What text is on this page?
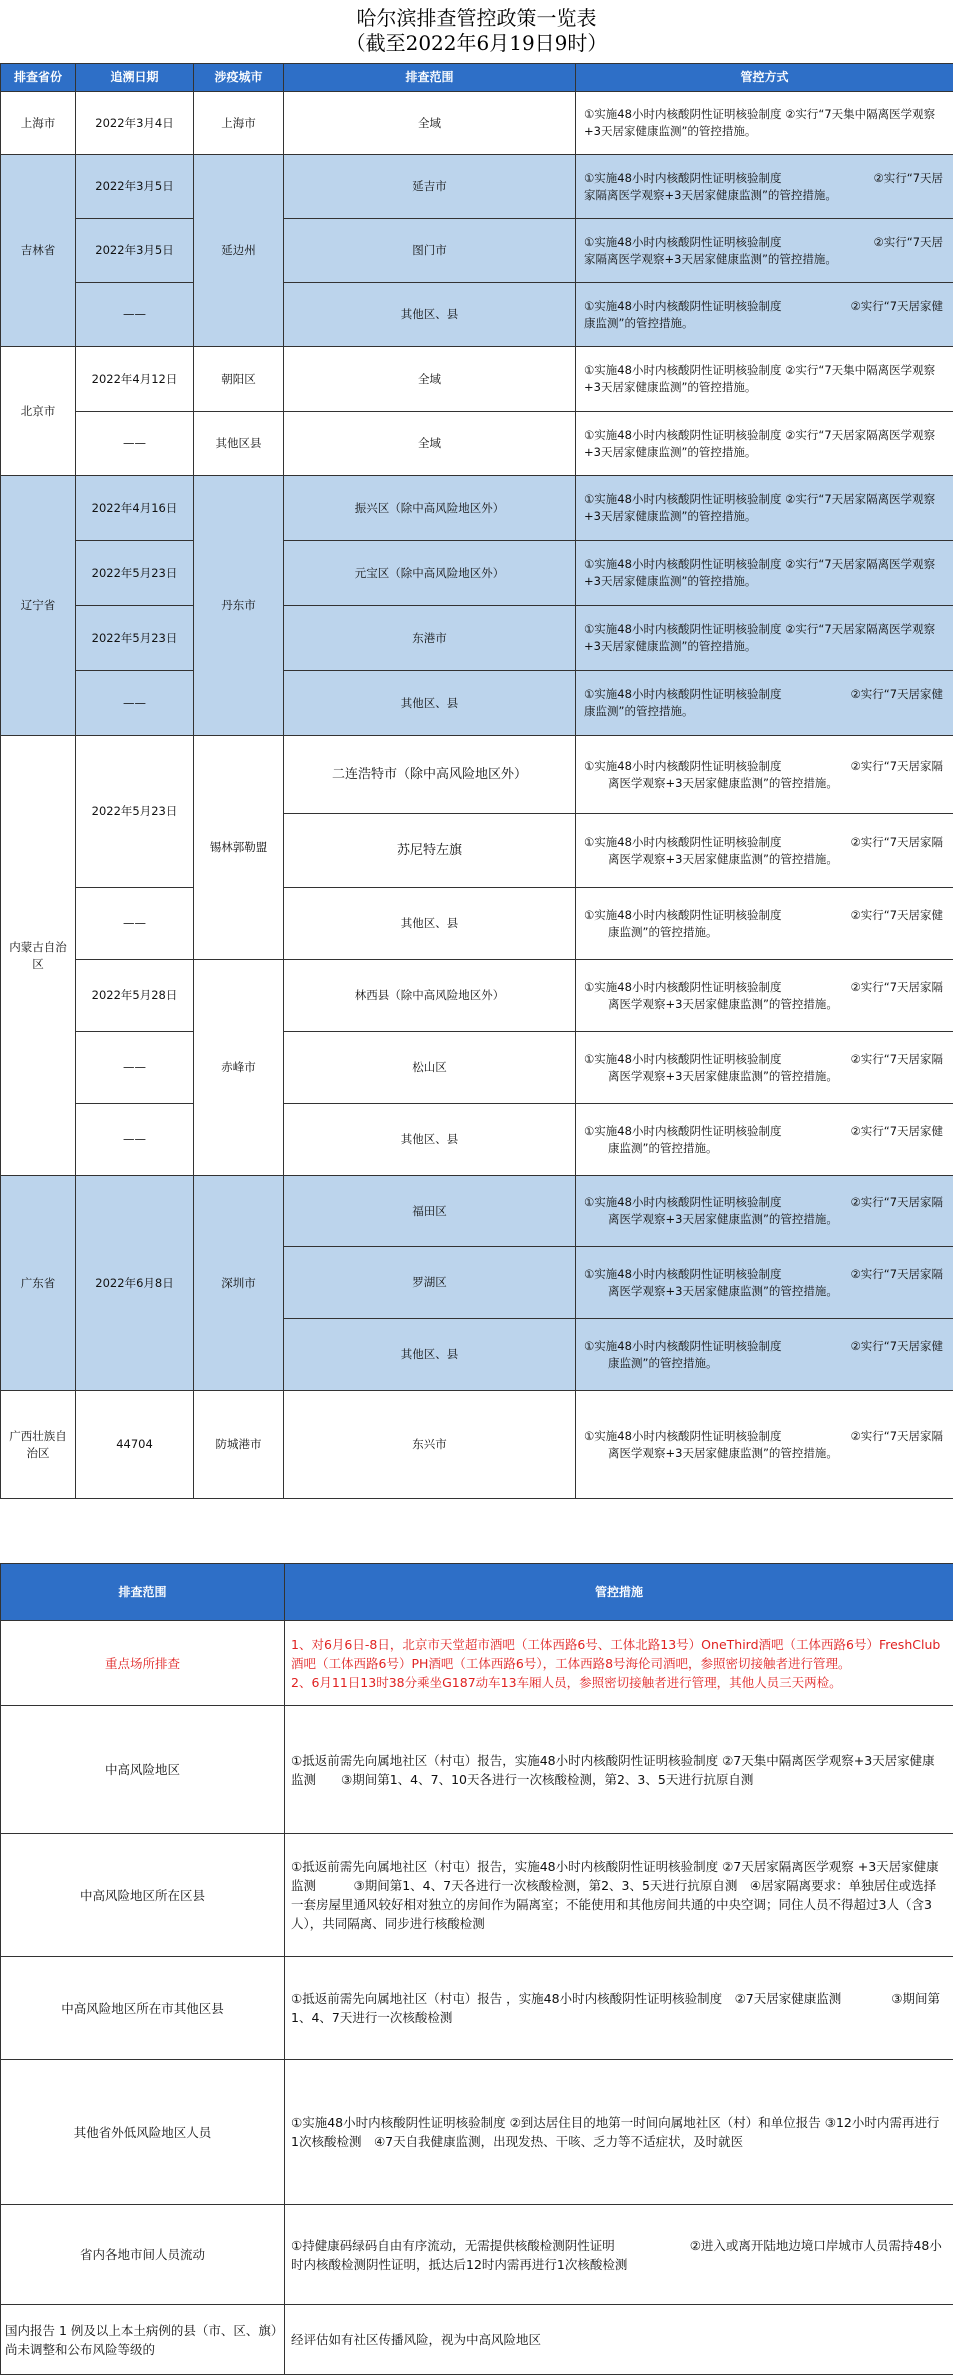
哈尔滨排查管控政策一览表
（截至2022年6月19日9时）
排查省份	追溯日期	涉疫城市	排查范围	管控方式
上海市	2022年3月4日	上海市	全域	①实施48小时内核酸阴性证明核验制度 ②实行“7天集中隔离医学观察+3天居家健康监测”的管控措施。
吉林省	2022年3月5日	延边州	延吉市	①实施48小时内核酸阴性证明核验制度　　　　　　　　②实行“7天居家隔离医学观察+3天居家健康监测”的管控措施。
	2022年3月5日		图门市	①实施48小时内核酸阴性证明核验制度　　　　　　　　②实行“7天居家隔离医学观察+3天居家健康监测”的管控措施。
	——		其他区、县	①实施48小时内核酸阴性证明核验制度　　　　　　②实行“7天居家健康监测”的管控措施。
北京市	2022年4月12日	朝阳区	全域	①实施48小时内核酸阴性证明核验制度 ②实行“7天集中隔离医学观察+3天居家健康监测”的管控措施。
	——	其他区县	全域	①实施48小时内核酸阴性证明核验制度 ②实行“7天居家隔离医学观察+3天居家健康监测”的管控措施。
辽宁省	2022年4月16日	丹东市	振兴区（除中高风险地区外）	①实施48小时内核酸阴性证明核验制度 ②实行“7天居家隔离医学观察+3天居家健康监测”的管控措施。
	2022年5月23日		元宝区（除中高风险地区外）	①实施48小时内核酸阴性证明核验制度 ②实行“7天居家隔离医学观察+3天居家健康监测”的管控措施。
	2022年5月23日		东港市	①实施48小时内核酸阴性证明核验制度 ②实行“7天居家隔离医学观察+3天居家健康监测”的管控措施。
	——		其他区、县	①实施48小时内核酸阴性证明核验制度　　　　　　②实行“7天居家健康监测”的管控措施。
内蒙古自治区	2022年5月23日	锡林郭勒盟	二连浩特市（除中高风险地区外）	①实施48小时内核酸阴性证明核验制度　　　　　　②实行“7天居家隔离医学观察+3天居家健康监测”的管控措施。
			苏尼特左旗	①实施48小时内核酸阴性证明核验制度　　　　　　②实行“7天居家隔离医学观察+3天居家健康监测”的管控措施。
	——		其他区、县	①实施48小时内核酸阴性证明核验制度　　　　　　②实行“7天居家健康监测”的管控措施。
	2022年5月28日	赤峰市	林西县（除中高风险地区外）	①实施48小时内核酸阴性证明核验制度　　　　　　②实行“7天居家隔离医学观察+3天居家健康监测”的管控措施。
	——		松山区	①实施48小时内核酸阴性证明核验制度　　　　　　②实行“7天居家隔离医学观察+3天居家健康监测”的管控措施。
	——		其他区、县	①实施48小时内核酸阴性证明核验制度　　　　　　②实行“7天居家健康监测”的管控措施。
广东省	2022年6月8日	深圳市	福田区	①实施48小时内核酸阴性证明核验制度　　　　　　②实行“7天居家隔离医学观察+3天居家健康监测”的管控措施。
			罗湖区	①实施48小时内核酸阴性证明核验制度　　　　　　②实行“7天居家隔离医学观察+3天居家健康监测”的管控措施。
			其他区、县	①实施48小时内核酸阴性证明核验制度　　　　　　②实行“7天居家健康监测”的管控措施。
广西壮族自治区	44704	防城港市	东兴市	①实施48小时内核酸阴性证明核验制度　　　　　　②实行“7天居家隔离医学观察+3天居家健康监测”的管控措施。
排查范围	管控措施
重点场所排查	1、对6月6日-8日，北京市天堂超市酒吧（工体西路6号、工体北路13号）OneThird酒吧（工体西路6号）FreshClub酒吧（工体西路6号）PH酒吧（工体西路6号），工体西路8号海伦司酒吧，参照密切接触者进行管理。
2、6月11日13时38分乘坐G187动车13车厢人员，参照密切接触者进行管理，其他人员三天两检。

中高风险地区	①抵返前需先向属地社区（村屯）报告，实施48小时内核酸阴性证明核验制度 ②7天集中隔离医学观察+3天居家健康监测　　③期间第1、4、7、10天各进行一次核酸检测，第2、3、5天进行抗原自测
中高风险地区所在区县	①抵返前需先向属地社区（村屯）报告，实施48小时内核酸阴性证明核验制度 ②7天居家隔离医学观察 +3天居家健康监测　　　③期间第1、4、7天各进行一次核酸检测，第2、3、5天进行抗原自测　④居家隔离要求：单独居住或选择一套房屋里通风较好相对独立的房间作为隔离室；不能使用和其他房间共通的中央空调；同住人员不得超过3人（含3人），共同隔离、同步进行核酸检测
中高风险地区所在市其他区县	①抵返前需先向属地社区（村屯）报告 ，实施48小时内核酸阴性证明核验制度　②7天居家健康监测　　　　③期间第1、4、7天进行一次核酸检测
其他省外低风险地区人员	①实施48小时内核酸阴性证明核验制度 ②到达居住目的地第一时间向属地社区（村）和单位报告 ③12小时内需再进行1次核酸检测　④7天自我健康监测，出现发热、干咳、乏力等不适症状，及时就医
省内各地市间人员流动	①持健康码绿码自由有序流动，无需提供核酸检测阴性证明　　　　　　②进入或离开陆地边境口岸城市人员需持48小时内核酸检测阴性证明，抵达后12时内需再进行1次核酸检测
国内报告 1 例及以上本土病例的县（市、区、旗）尚未调整和公布风险等级的	经评估如有社区传播风险，视为中高风险地区
